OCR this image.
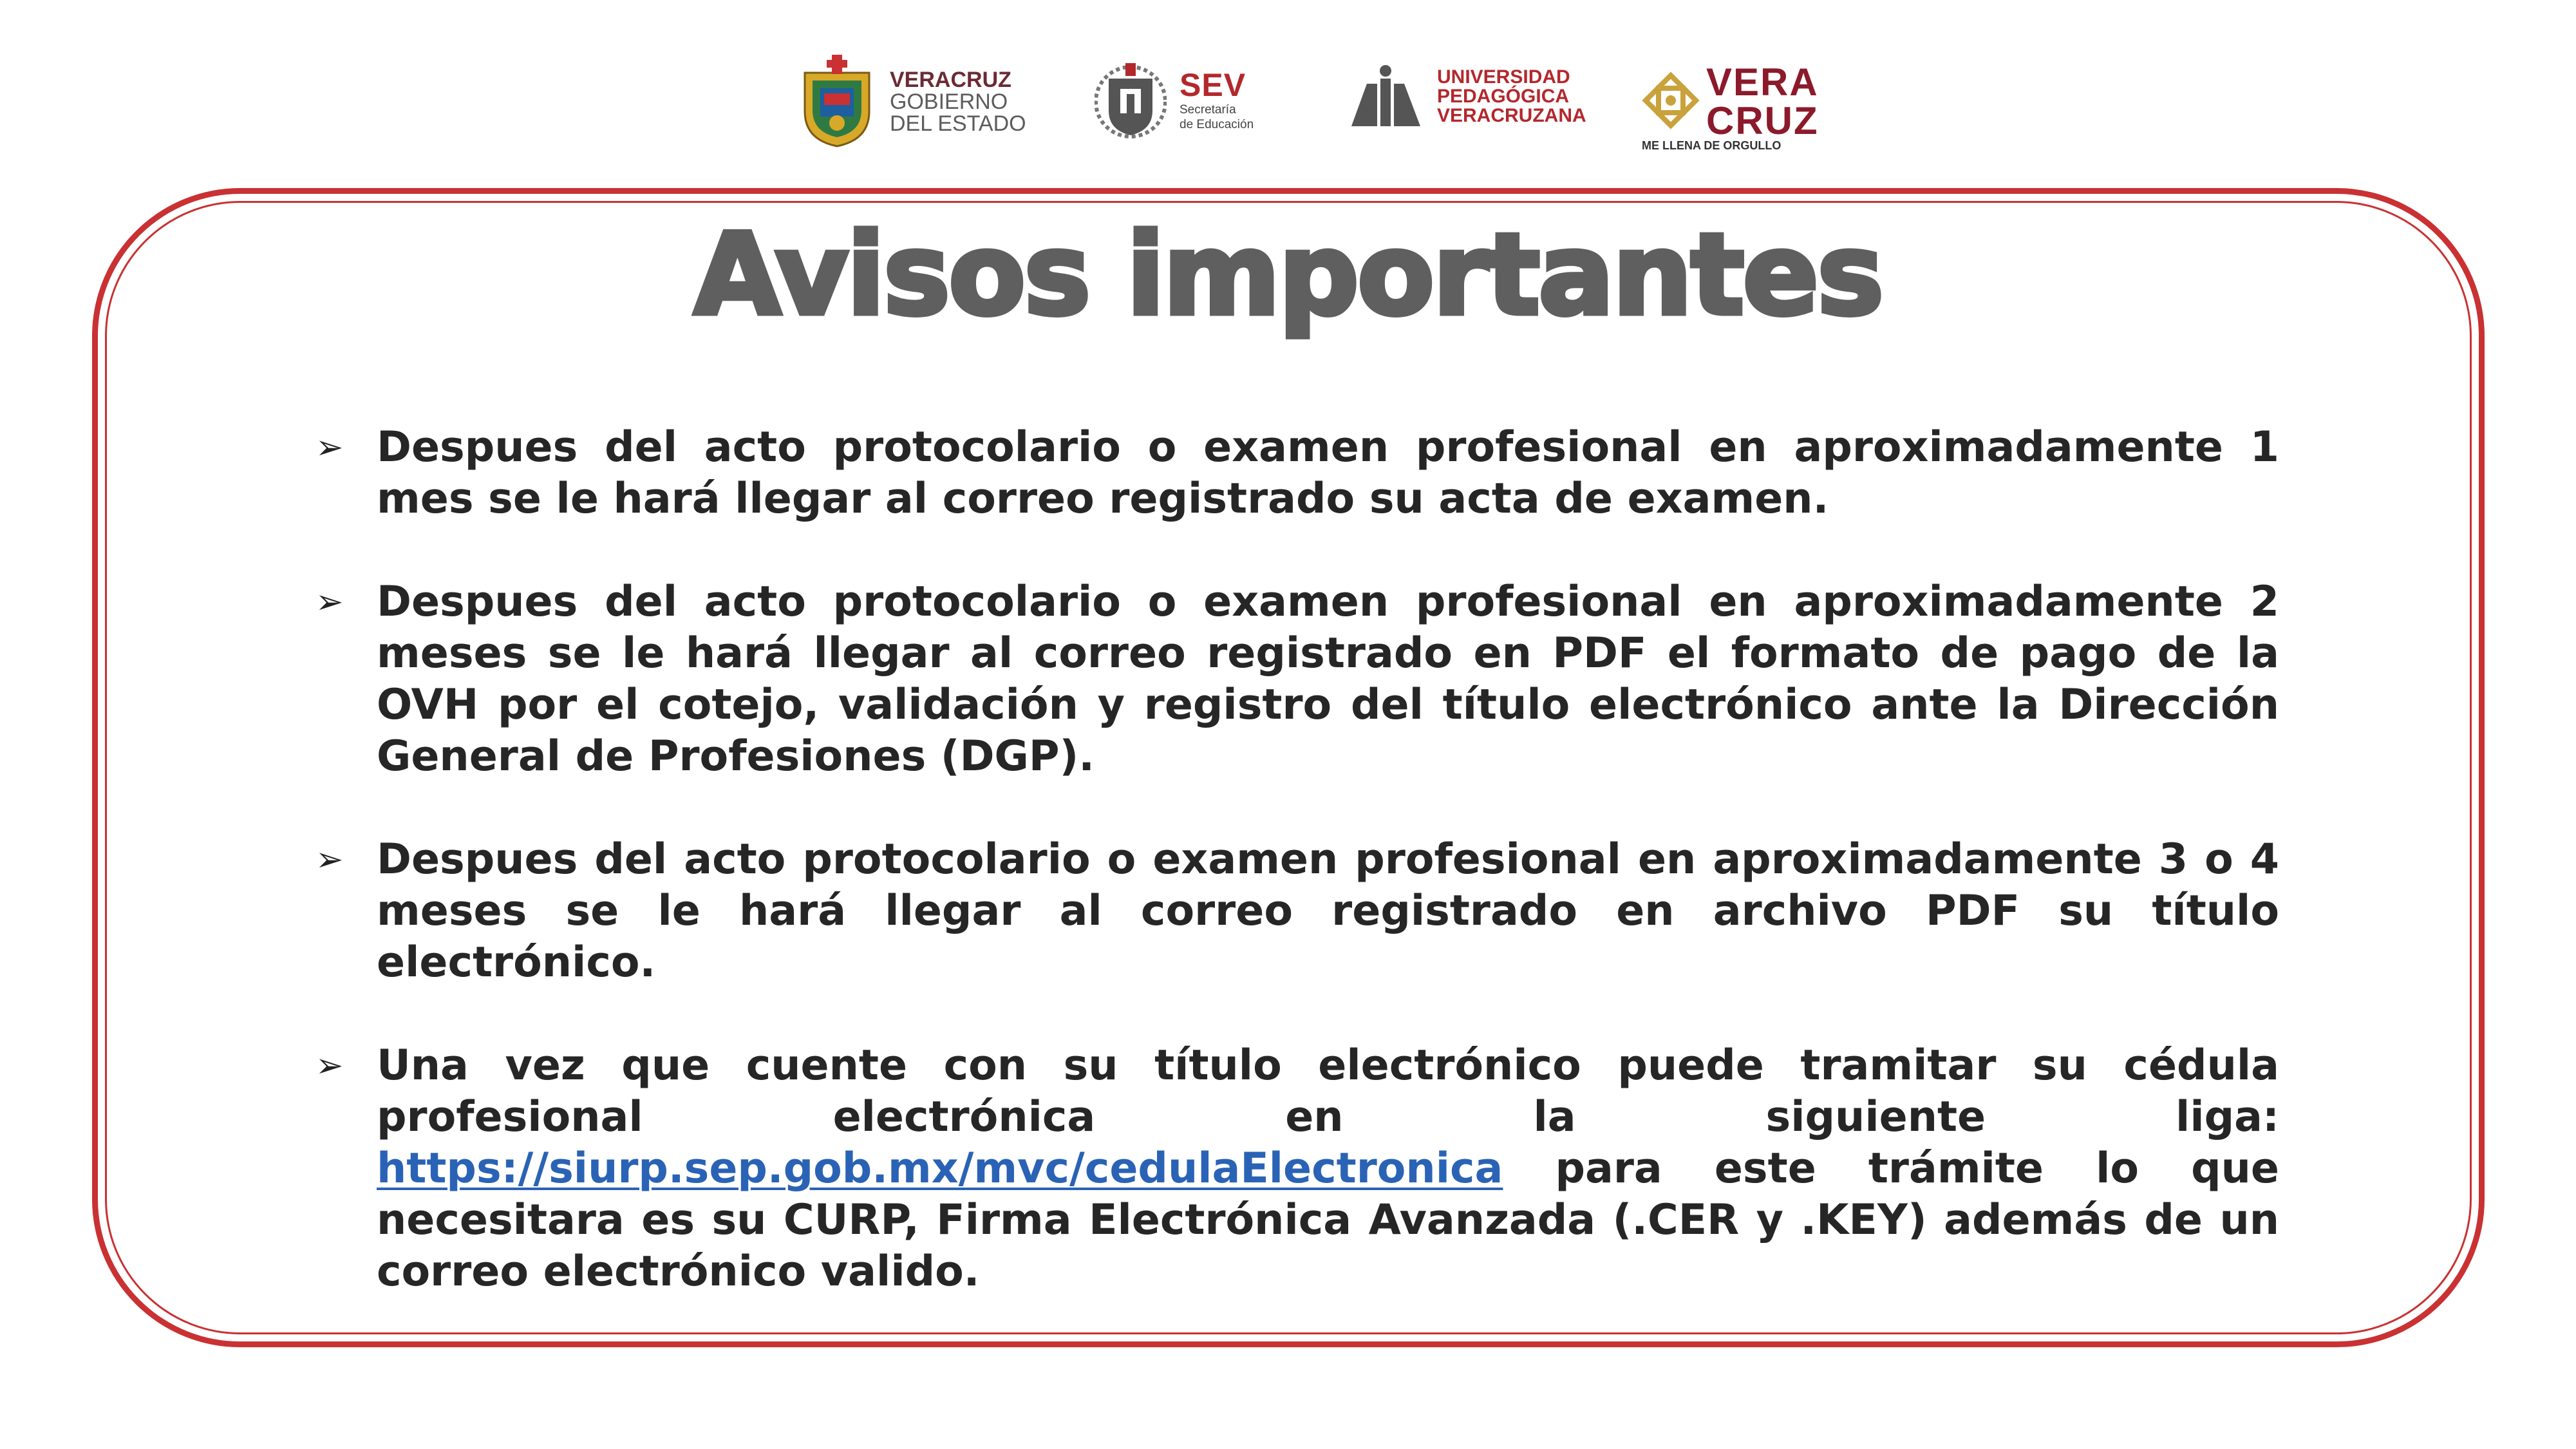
VERACRUZ
GOBIERNO
DEL ESTADO
SEV
Secretaría
de Educación
UNIVERSIDAD
PEDAGÓGICA
VERACRUZANA
VERA
CRUZ
ME LLENA DE ORGULLO
Avisos importantes
➢ Despues del acto protocolario o examen profesional en aproximadamente 1 mes se le hará llegar al correo registrado su acta de examen.
➢ Despues del acto protocolario o examen profesional en aproximadamente 2 meses se le hará llegar al correo registrado en PDF el formato de pago de la OVH por el cotejo, validación y registro del título electrónico ante la Dirección General de Profesiones (DGP).
➢ Despues del acto protocolario o examen profesional en aproximadamente 3 o 4 meses se le hará llegar al correo registrado en archivo PDF su título electrónico.
➢ Una vez que cuente con su título electrónico puede tramitar su cédula profesional electrónica en la siguiente liga: https://siurp.sep.gob.mx/mvc/cedulaElectronica para este trámite lo que necesitara es su CURP, Firma Electrónica Avanzada (.CER y .KEY) además de un correo electrónico valido.
